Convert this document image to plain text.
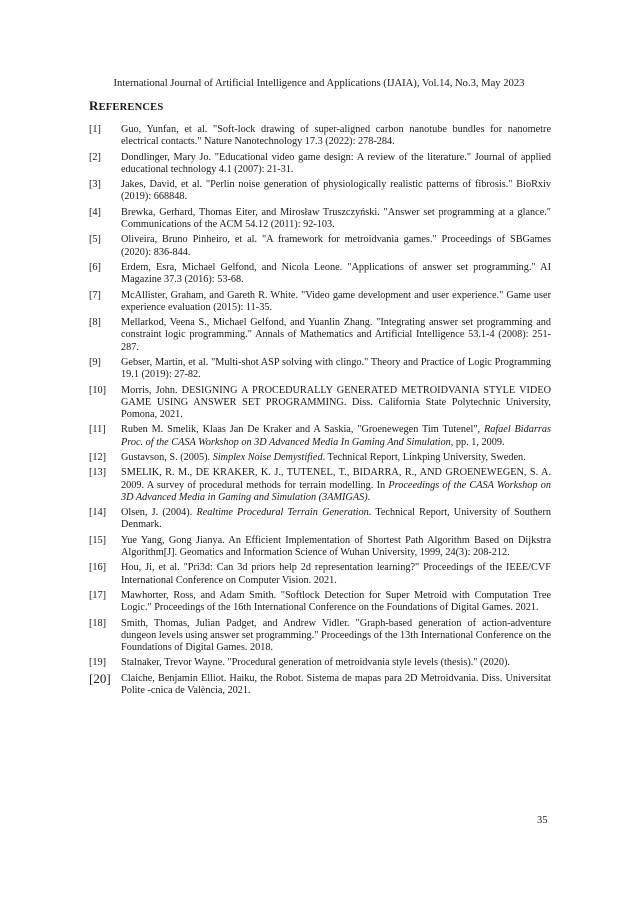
International Journal of Artificial Intelligence and Applications (IJAIA), Vol.14, No.3, May 2023
REFERENCES
[1]	Guo, Yunfan, et al. "Soft-lock drawing of super-aligned carbon nanotube bundles for nanometre electrical contacts." Nature Nanotechnology 17.3 (2022): 278-284.
[2]	Dondlinger, Mary Jo. "Educational video game design: A review of the literature." Journal of applied educational technology 4.1 (2007): 21-31.
[3]	Jakes, David, et al. "Perlin noise generation of physiologically realistic patterns of fibrosis." BioRxiv (2019): 668848.
[4]	Brewka, Gerhard, Thomas Eiter, and Mirosław Truszczyński. "Answer set programming at a glance." Communications of the ACM 54.12 (2011): 92-103.
[5]	Oliveira, Bruno Pinheiro, et al. "A framework for metroidvania games." Proceedings of SBGames (2020): 836-844.
[6]	Erdem, Esra, Michael Gelfond, and Nicola Leone. "Applications of answer set programming." AI Magazine 37.3 (2016): 53-68.
[7]	McAllister, Graham, and Gareth R. White. "Video game development and user experience." Game user experience evaluation (2015): 11-35.
[8]	Mellarkod, Veena S., Michael Gelfond, and Yuanlin Zhang. "Integrating answer set programming and constraint logic programming." Annals of Mathematics and Artificial Intelligence 53.1-4 (2008): 251-287.
[9]	Gebser, Martin, et al. "Multi-shot ASP solving with clingo." Theory and Practice of Logic Programming 19.1 (2019): 27-82.
[10] Morris, John. DESIGNING A PROCEDURALLY GENERATED METROIDVANIA STYLE VIDEO GAME USING ANSWER SET PROGRAMMING. Diss. California State Polytechnic University, Pomona, 2021.
[11] Ruben M. Smelik, Klaas Jan De Kraker and A Saskia, "Groenewegen Tim Tutenel", Rafael Bidarras Proc. of the CASA Workshop on 3D Advanced Media In Gaming And Simulation, pp. 1, 2009.
[12] Gustavson, S. (2005). Simplex Noise Demystified. Technical Report, Linkping University, Sweden.
[13] SMELIK, R. M., DE KRAKER, K. J., TUTENEL, T., BIDARRA, R., AND GROENEWEGEN, S. A. 2009. A survey of procedural methods for terrain modelling. In Proceedings of the CASA Workshop on 3D Advanced Media in Gaming and Simulation (3AMIGAS).
[14] Olsen, J. (2004). Realtime Procedural Terrain Generation. Technical Report, University of Southern Denmark.
[15] Yue Yang, Gong Jianya. An Efficient Implementation of Shortest Path Algorithm Based on Dijkstra Algorithm[J]. Geomatics and Information Science of Wuhan University, 1999, 24(3): 208-212.
[16] Hou, Ji, et al. "Pri3d: Can 3d priors help 2d representation learning?" Proceedings of the IEEE/CVF International Conference on Computer Vision. 2021.
[17] Mawhorter, Ross, and Adam Smith. "Softlock Detection for Super Metroid with Computation Tree Logic." Proceedings of the 16th International Conference on the Foundations of Digital Games. 2021.
[18] Smith, Thomas, Julian Padget, and Andrew Vidler. "Graph-based generation of action-adventure dungeon levels using answer set programming." Proceedings of the 13th International Conference on the Foundations of Digital Games. 2018.
[19] Stalnaker, Trevor Wayne. "Procedural generation of metroidvania style levels (thesis)." (2020).
[20] Claiche, Benjamin Elliot. Haiku, the Robot. Sistema de mapas para 2D Metroidvania. Diss. Universitat Polite -cnica de València, 2021.
35
